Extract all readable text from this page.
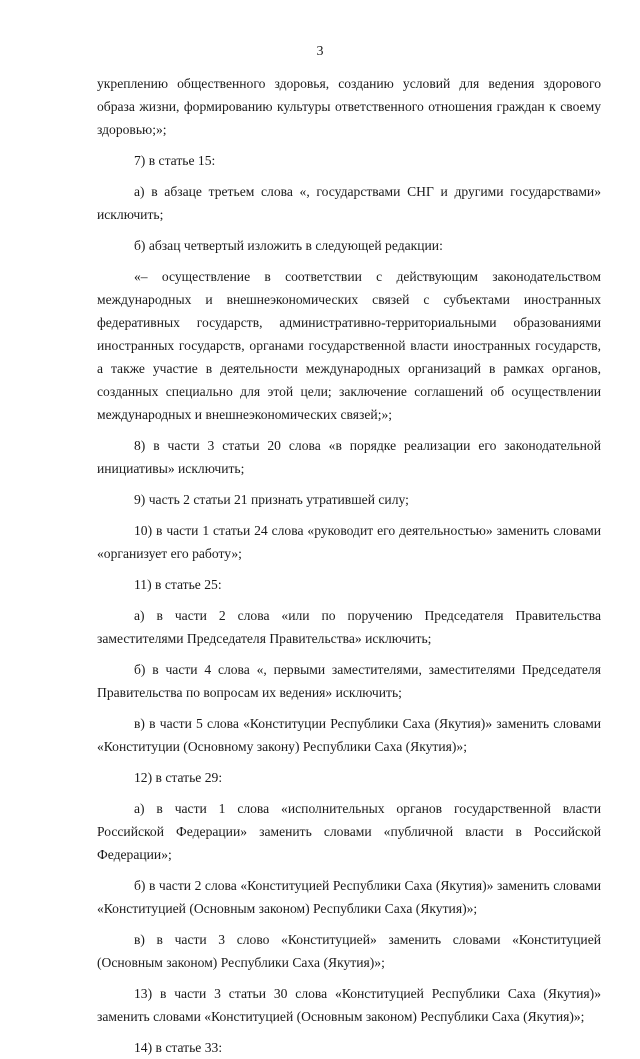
3

укреплению общественного здоровья, созданию условий для ведения здорового образа жизни, формированию культуры ответственного отношения граждан к своему здоровью;»;

7) в статье 15:

а) в абзаце третьем слова «, государствами СНГ и другими государствами» исключить;

б) абзац четвертый изложить в следующей редакции:

«– осуществление в соответствии с действующим законодательством международных и внешнеэкономических связей с субъектами иностранных федеративных государств, административно-территориальными образованиями иностранных государств, органами государственной власти иностранных государств, а также участие в деятельности международных организаций в рамках органов, созданных специально для этой цели; заключение соглашений об осуществлении международных и внешнеэкономических связей;»;

8) в части 3 статьи 20 слова «в порядке реализации его законодательной инициативы» исключить;

9) часть 2 статьи 21 признать утратившей силу;

10) в части 1 статьи 24 слова «руководит его деятельностью» заменить словами «организует его работу»;

11) в статье 25:

а) в части 2 слова «или по поручению Председателя Правительства заместителями Председателя Правительства» исключить;

б) в части 4 слова «, первыми заместителями, заместителями Председателя Правительства по вопросам их ведения» исключить;

в) в части 5 слова «Конституции Республики Саха (Якутия)» заменить словами «Конституции (Основному закону) Республики Саха (Якутия)»;

12) в статье 29:

а) в части 1 слова «исполнительных органов государственной власти Российской Федерации» заменить словами «публичной власти в Российской Федерации»;

б) в части 2 слова «Конституцией Республики Саха (Якутия)» заменить словами «Конституцией (Основным законом) Республики Саха (Якутия)»;

в) в части 3 слово «Конституцией» заменить словами «Конституцией (Основным законом) Республики Саха (Якутия)»;

13) в части 3 статьи 30 слова «Конституцией Республики Саха (Якутия)» заменить словами «Конституцией (Основным законом) Республики Саха (Якутия)»;

14) в статье 33:
